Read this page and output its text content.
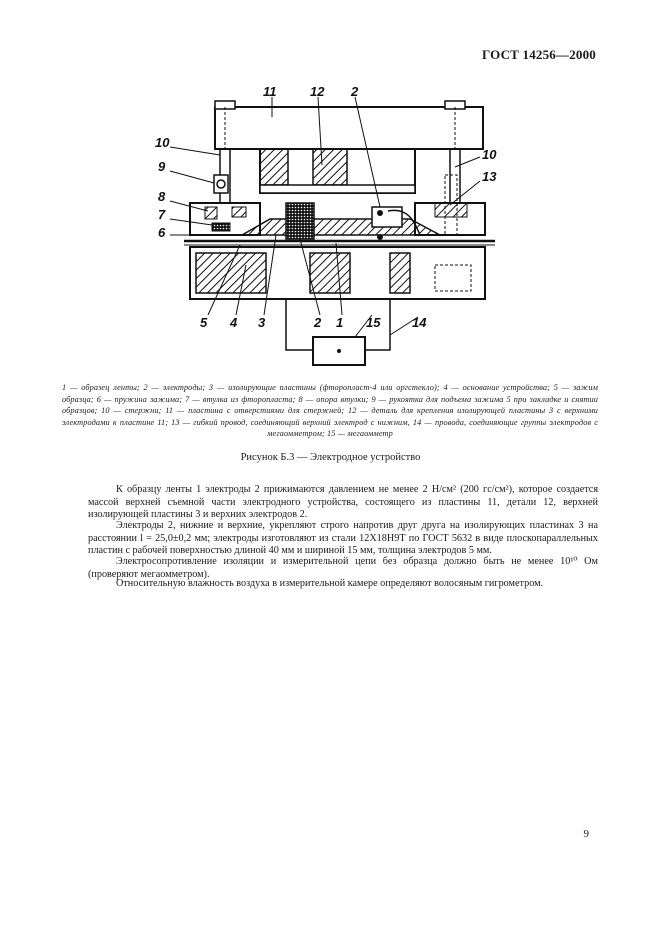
ГОСТ 14256—2000
11	12 2
10
9
8
7
6
10
13
5 4 3	2 1 15 14
1 — образец ленты; 2 — электроды; 3 — изолирующие пластины (фторопласт-4 или оргстекло); 4 — основание устройства; 5 — зажим образца; 6 — пружина зажима; 7 — втулка из фторопласта; 8 — опора втулки; 9 — рукоятка для подъема зажима 5 при закладке и снятии образцов; 10 — стержни; 11 — пластина с отверстиями для стержней; 12 — деталь для крепления изолирующей пластины 3 с верхними электродами к пластине 11; 13 — гибкий провод, соединяющий верхний электрод с нижним, 14 — провода, соединяющие группы электродов с мегаомметром; 15 — мегаомметр
Рисунок Б.3 — Электродное устройство

К образцу ленты 1 электроды 2 прижимаются давлением не менее 2 Н/см² (200 гс/см²), которое создается массой верхней съемной части электродного устройства, состоящего из пластины 11, детали 12, верхней изолирующей пластины 3 и верхних электродов 2.

Электроды 2, нижние и верхние, укрепляют строго напротив друг друга на изолирующих пластинах 3 на расстоянии l = 25,0±0,2 мм; электроды изготовляют из стали 12Х18Н9Т по ГОСТ 5632 в виде плоскопараллельных пластин с рабочей поверхностью длиной 40 мм и шириной 15 мм, толщина электродов 5 мм.

Электросопротивление изоляции и измерительной цепи без образца должно быть не менее 10¹⁰ Ом (проверяют мегаомметром).

Относительную влажность воздуха в измерительной камере определяют волосяным гигрометром.

9
